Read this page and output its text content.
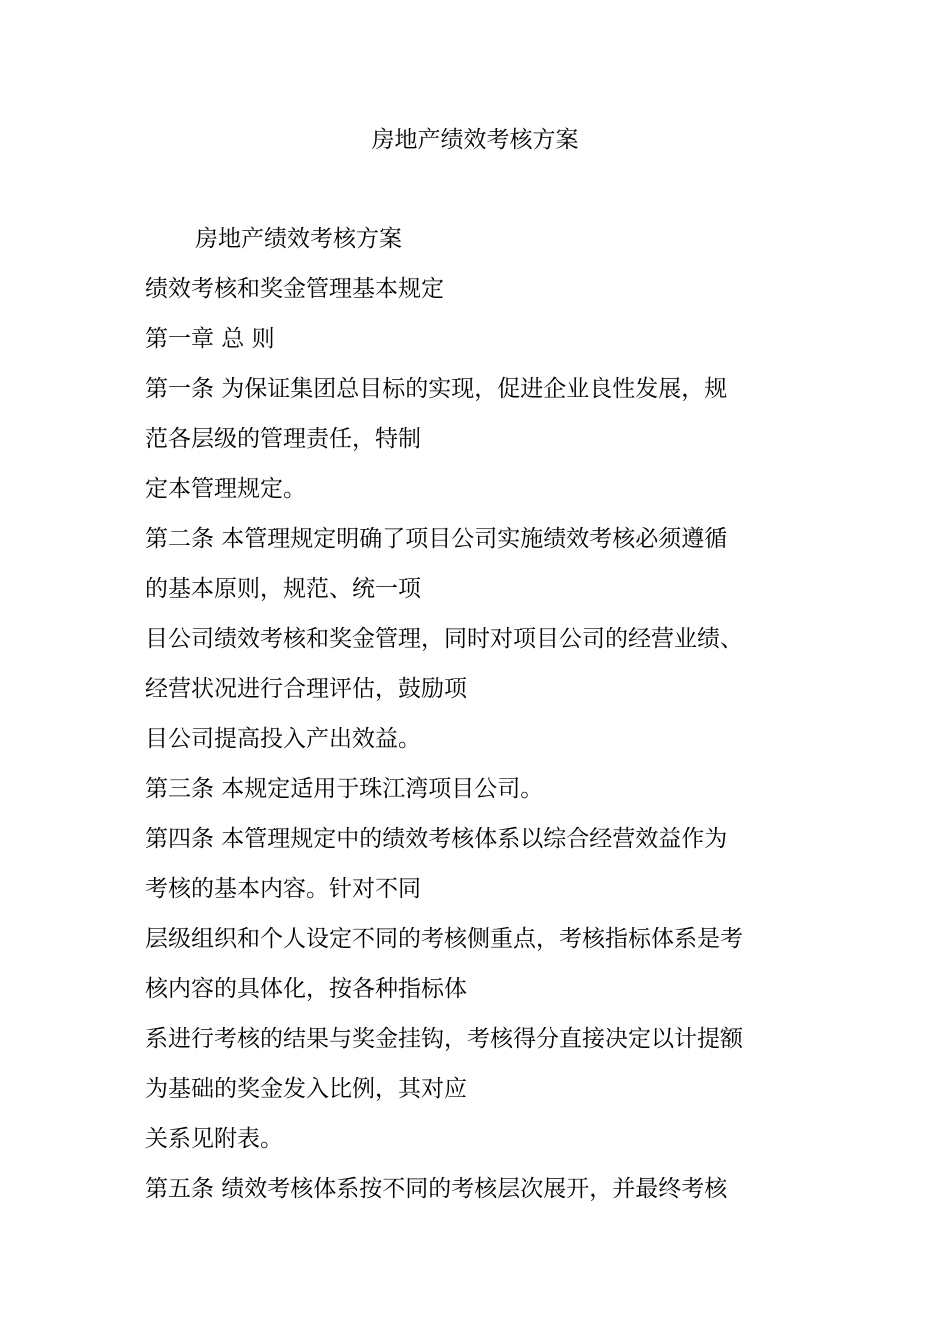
房地产绩效考核方案
房地产绩效考核方案
绩效考核和奖金管理基本规定
第一章 总 则
第一条 为保证集团总目标的实现，促进企业良性发展，规
范各层级的管理责任，特制
定本管理规定。
第二条 本管理规定明确了项目公司实施绩效考核必须遵循
的基本原则，规范、统一项
目公司绩效考核和奖金管理，同时对项目公司的经营业绩、
经营状况进行合理评估，鼓励项
目公司提高投入产出效益。
第三条 本规定适用于珠江湾项目公司。
第四条 本管理规定中的绩效考核体系以综合经营效益作为
考核的基本内容。针对不同
层级组织和个人设定不同的考核侧重点，考核指标体系是考
核内容的具体化，按各种指标体
系进行考核的结果与奖金挂钩，考核得分直接决定以计提额
为基础的奖金发入比例，其对应
关系见附表。
第五条 绩效考核体系按不同的考核层次展开，并最终考核
